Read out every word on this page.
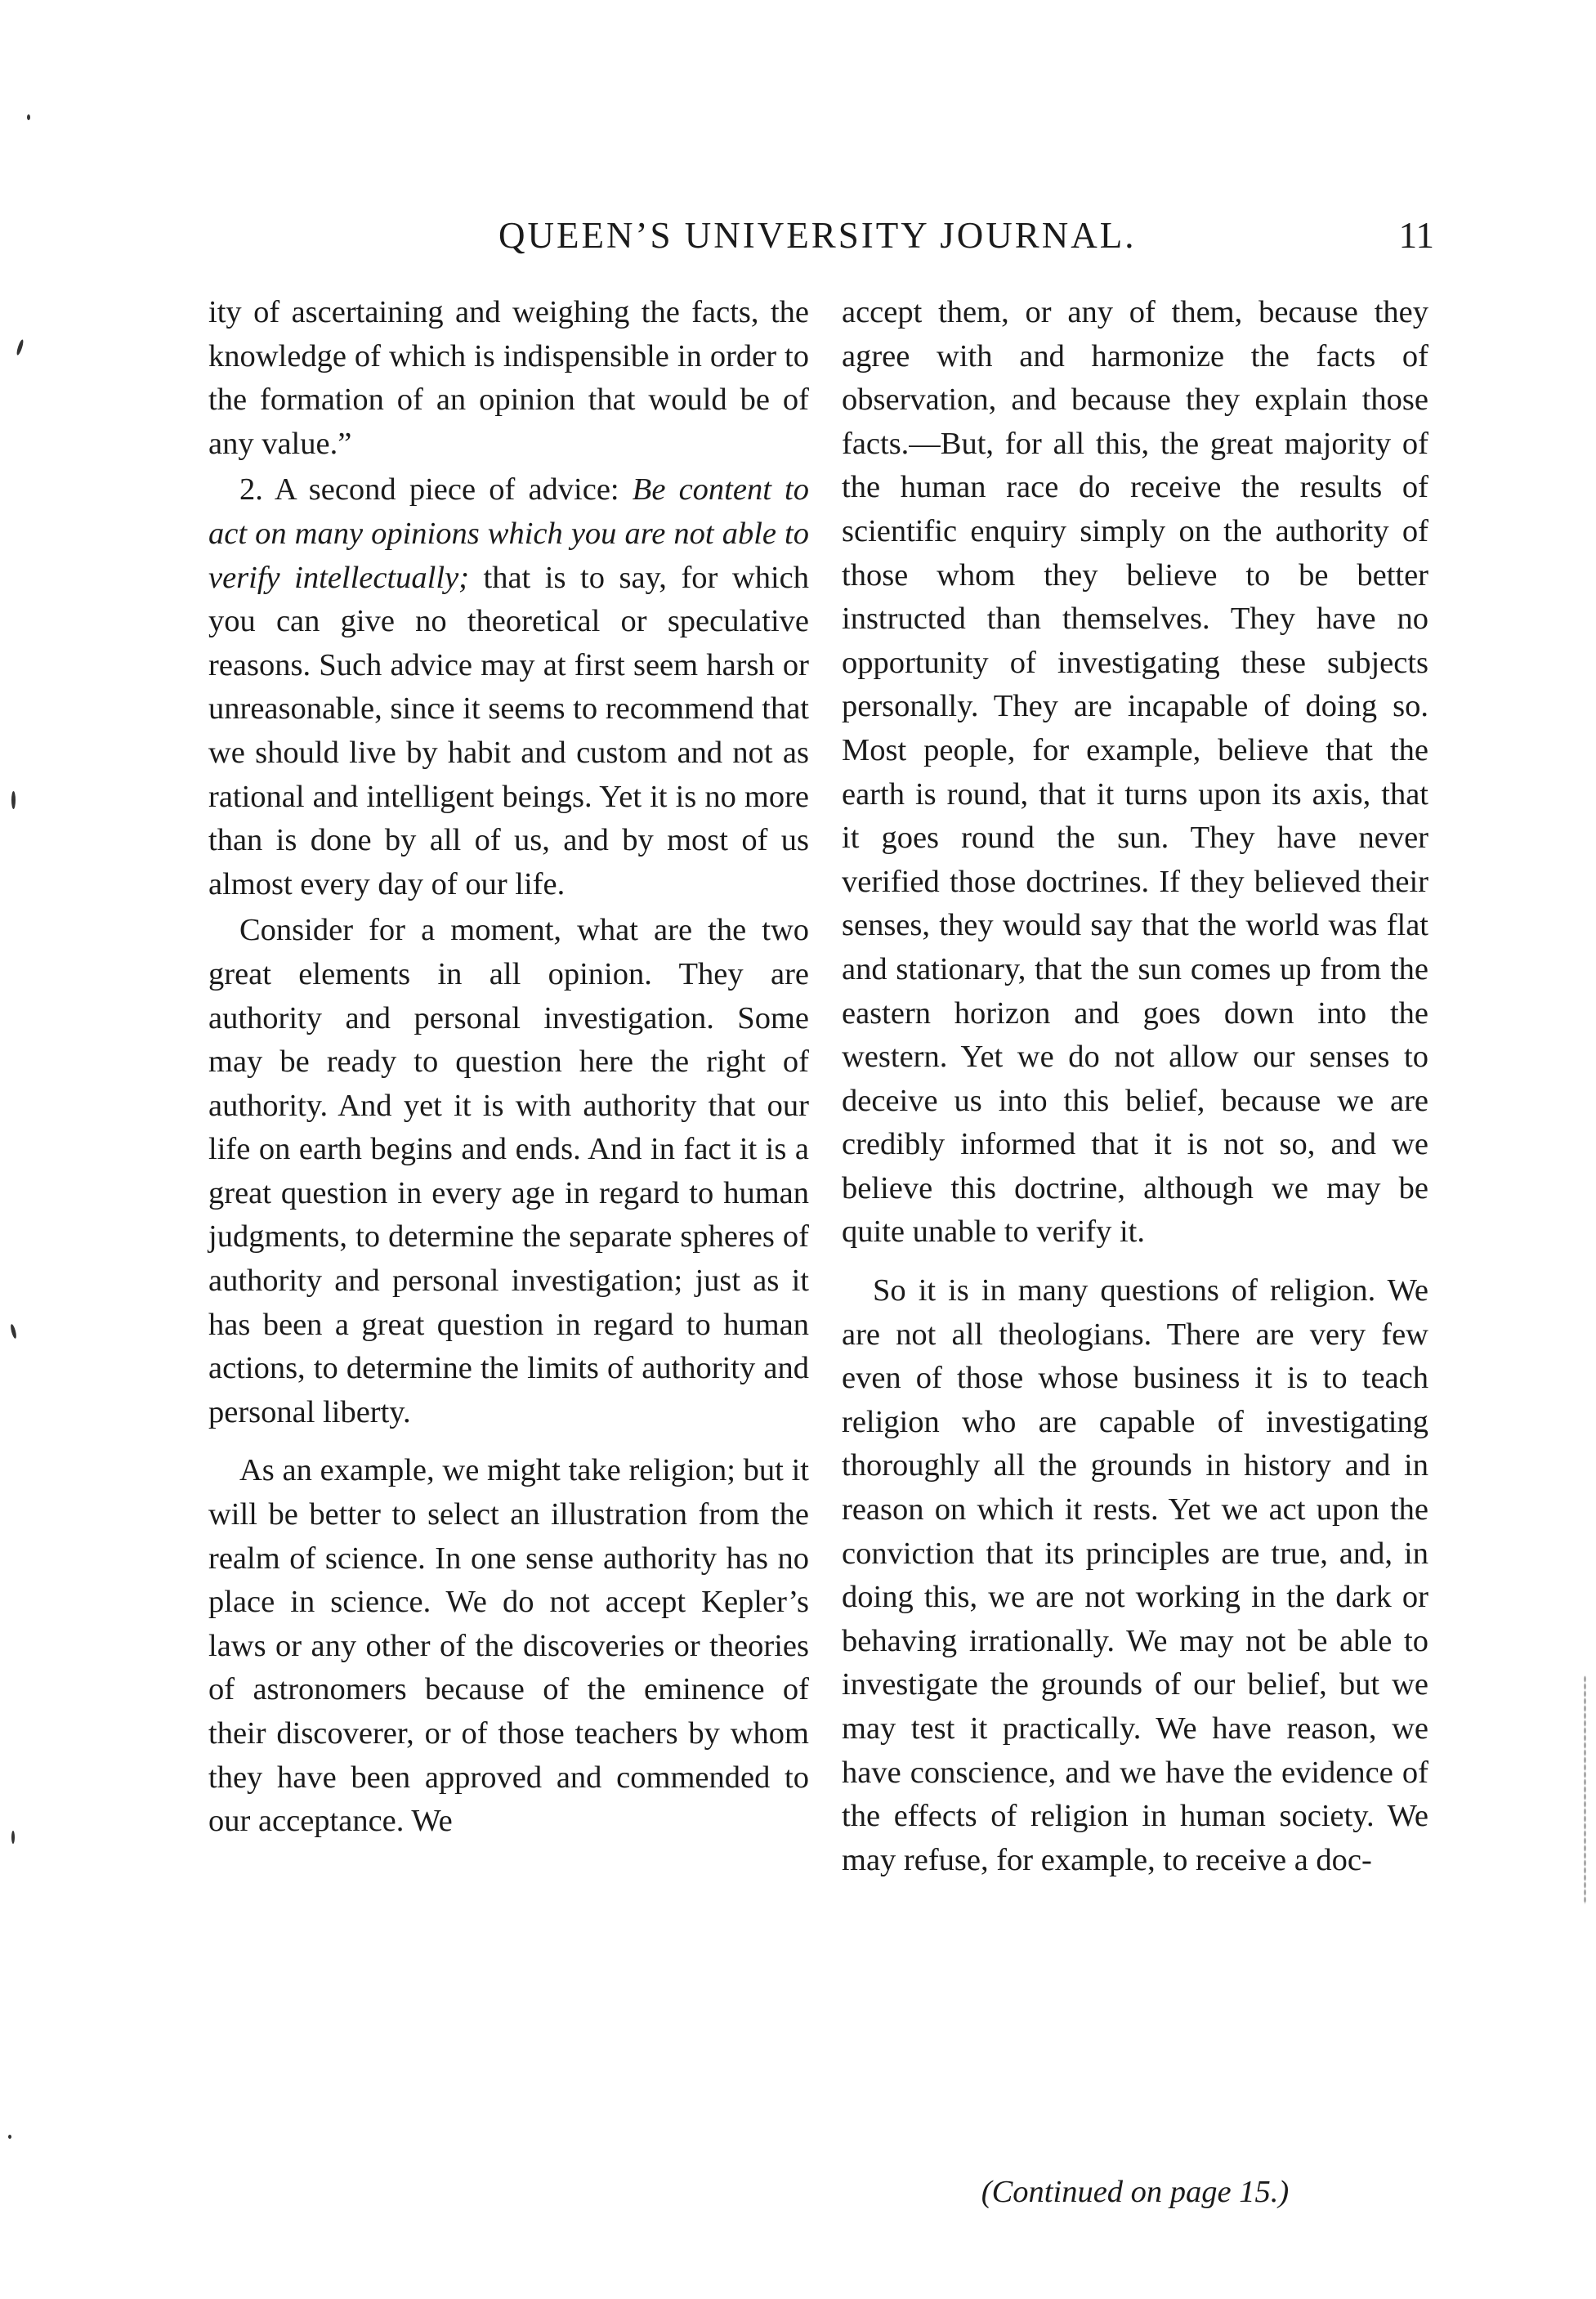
QUEEN’S UNIVERSITY JOURNAL.	11

ity of ascertaining and weighing the facts, the knowledge of which is indispensible in order to the formation of an opinion that would be of any value.”

2. A second piece of advice: Be content to act on many opinions which you are not able to verify intellectually; that is to say, for which you can give no theoretical or speculative reasons. Such advice may at first seem harsh or unreasonable, since it seems to recommend that we should live by habit and custom and not as rational and intelligent beings. Yet it is no more than is done by all of us, and by most of us almost every day of our life.

Consider for a moment, what are the two great elements in all opinion. They are authority and personal investigation. Some may be ready to question here the right of authority. And yet it is with authority that our life on earth begins and ends. And in fact it is a great question in every age in regard to human judgments, to determine the separate spheres of authority and personal investigation; just as it has been a great question in regard to human actions, to determine the limits of authority and personal liberty.

As an example, we might take religion; but it will be better to select an illustration from the realm of science. In one sense authority has no place in science. We do not accept Kepler’s laws or any other of the discoveries or theories of astronomers because of the eminence of their discoverer, or of those teachers by whom they have been approved and commended to our acceptance. We

accept them, or any of them, because they agree with and harmonize the facts of observation, and because they explain those facts.—But, for all this, the great majority of the human race do receive the results of scientific enquiry simply on the authority of those whom they believe to be better instructed than themselves. They have no opportunity of investigating these subjects personally. They are incapable of doing so. Most people, for example, believe that the earth is round, that it turns upon its axis, that it goes round the sun. They have never verified those doctrines. If they believed their senses, they would say that the world was flat and stationary, that the sun comes up from the eastern horizon and goes down into the western. Yet we do not allow our senses to deceive us into this belief, because we are credibly informed that it is not so, and we believe this doctrine, although we may be quite unable to verify it.

So it is in many questions of religion. We are not all theologians. There are very few even of those whose business it is to teach religion who are capable of investigating thoroughly all the grounds in history and in reason on which it rests. Yet we act upon the conviction that its principles are true, and, in doing this, we are not working in the dark or behaving irrationally. We may not be able to investigate the grounds of our belief, but we may test it practically. We have reason, we have conscience, and we have the evidence of the effects of religion in human society. We may refuse, for example, to receive a doc-

(Continued on page 15.)
